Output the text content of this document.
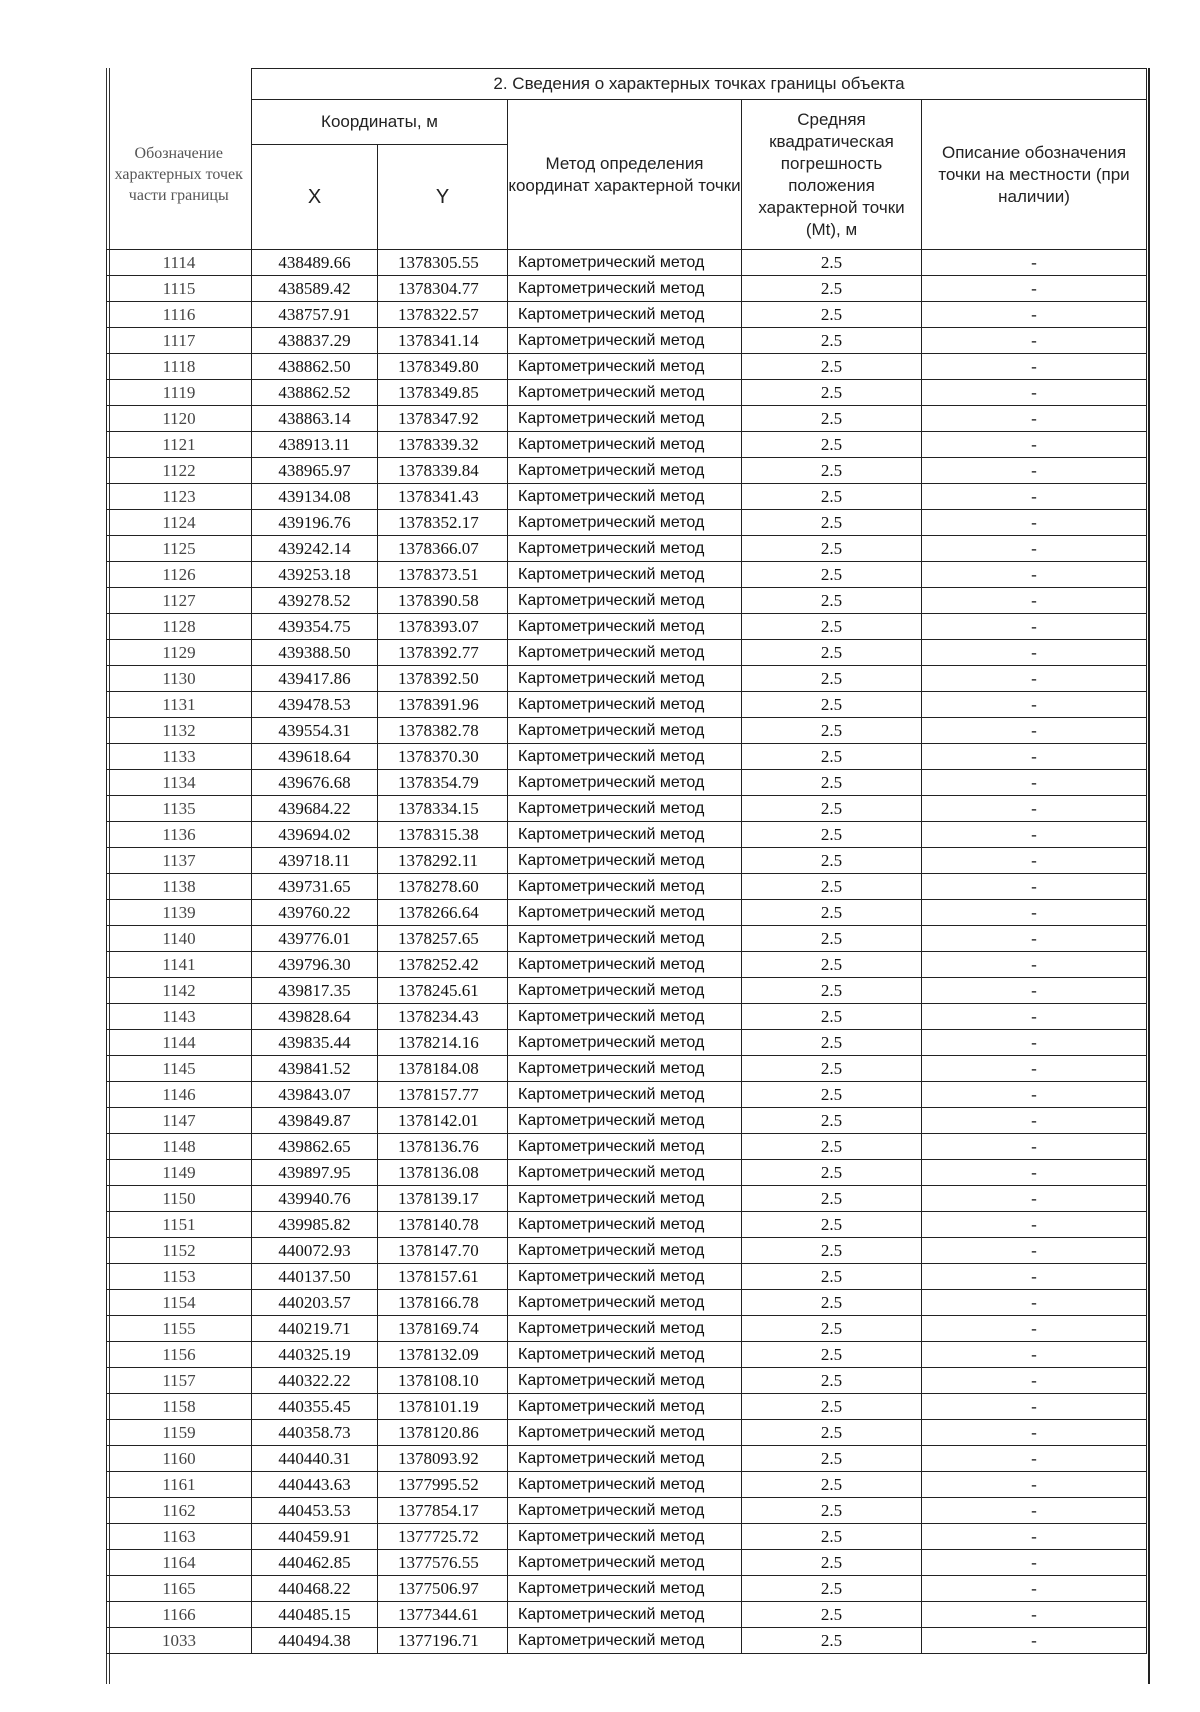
	2. Сведения о характерных точках границы объекта				
Обозначение характерных точек части границы	Координаты, м		Метод определения координат характерной точки	Средняя квадратическая погрешность положения характерной точки (Mt), м	Описание обозначения точки на местности (при наличии)
	X	Y			
1114	438489.66	1378305.55	Картометрический метод	2.5	-
1115	438589.42	1378304.77	Картометрический метод	2.5	-
1116	438757.91	1378322.57	Картометрический метод	2.5	-
1117	438837.29	1378341.14	Картометрический метод	2.5	-
1118	438862.50	1378349.80	Картометрический метод	2.5	-
1119	438862.52	1378349.85	Картометрический метод	2.5	-
1120	438863.14	1378347.92	Картометрический метод	2.5	-
1121	438913.11	1378339.32	Картометрический метод	2.5	-
1122	438965.97	1378339.84	Картометрический метод	2.5	-
1123	439134.08	1378341.43	Картометрический метод	2.5	-
1124	439196.76	1378352.17	Картометрический метод	2.5	-
1125	439242.14	1378366.07	Картометрический метод	2.5	-
1126	439253.18	1378373.51	Картометрический метод	2.5	-
1127	439278.52	1378390.58	Картометрический метод	2.5	-
1128	439354.75	1378393.07	Картометрический метод	2.5	-
1129	439388.50	1378392.77	Картометрический метод	2.5	-
1130	439417.86	1378392.50	Картометрический метод	2.5	-
1131	439478.53	1378391.96	Картометрический метод	2.5	-
1132	439554.31	1378382.78	Картометрический метод	2.5	-
1133	439618.64	1378370.30	Картометрический метод	2.5	-
1134	439676.68	1378354.79	Картометрический метод	2.5	-
1135	439684.22	1378334.15	Картометрический метод	2.5	-
1136	439694.02	1378315.38	Картометрический метод	2.5	-
1137	439718.11	1378292.11	Картометрический метод	2.5	-
1138	439731.65	1378278.60	Картометрический метод	2.5	-
1139	439760.22	1378266.64	Картометрический метод	2.5	-
1140	439776.01	1378257.65	Картометрический метод	2.5	-
1141	439796.30	1378252.42	Картометрический метод	2.5	-
1142	439817.35	1378245.61	Картометрический метод	2.5	-
1143	439828.64	1378234.43	Картометрический метод	2.5	-
1144	439835.44	1378214.16	Картометрический метод	2.5	-
1145	439841.52	1378184.08	Картометрический метод	2.5	-
1146	439843.07	1378157.77	Картометрический метод	2.5	-
1147	439849.87	1378142.01	Картометрический метод	2.5	-
1148	439862.65	1378136.76	Картометрический метод	2.5	-
1149	439897.95	1378136.08	Картометрический метод	2.5	-
1150	439940.76	1378139.17	Картометрический метод	2.5	-
1151	439985.82	1378140.78	Картометрический метод	2.5	-
1152	440072.93	1378147.70	Картометрический метод	2.5	-
1153	440137.50	1378157.61	Картометрический метод	2.5	-
1154	440203.57	1378166.78	Картометрический метод	2.5	-
1155	440219.71	1378169.74	Картометрический метод	2.5	-
1156	440325.19	1378132.09	Картометрический метод	2.5	-
1157	440322.22	1378108.10	Картометрический метод	2.5	-
1158	440355.45	1378101.19	Картометрический метод	2.5	-
1159	440358.73	1378120.86	Картометрический метод	2.5	-
1160	440440.31	1378093.92	Картометрический метод	2.5	-
1161	440443.63	1377995.52	Картометрический метод	2.5	-
1162	440453.53	1377854.17	Картометрический метод	2.5	-
1163	440459.91	1377725.72	Картометрический метод	2.5	-
1164	440462.85	1377576.55	Картометрический метод	2.5	-
1165	440468.22	1377506.97	Картометрический метод	2.5	-
1166	440485.15	1377344.61	Картометрический метод	2.5	-
1033	440494.38	1377196.71	Картометрический метод	2.5	-
